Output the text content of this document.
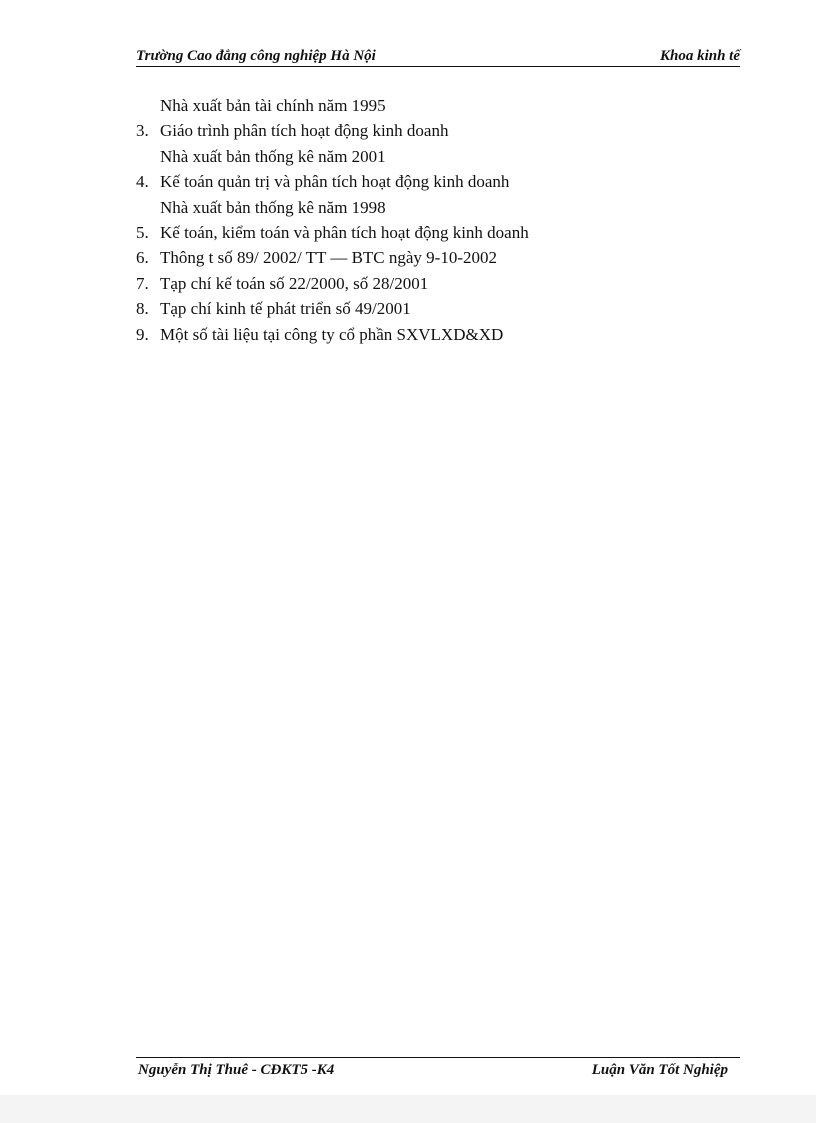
Trường Cao đẳng công nghiệp Hà Nội	Khoa kinh tế
Nhà xuất bản tài chính năm 1995
3. Giáo trình phân tích hoạt động kinh doanh
Nhà xuất bản thống kê năm 2001
4. Kế toán quản trị và phân tích hoạt động kinh doanh
Nhà xuất bản thống kê năm 1998
5. Kế toán, kiểm toán và phân tích hoạt động kinh doanh
6. Thông t số 89/ 2002/ TT — BTC ngày 9-10-2002
7. Tạp chí kế toán số 22/2000, số 28/2001
8. Tạp chí kinh tế phát triển số 49/2001
9. Một số tài liệu tại công ty cổ phần SXVLXD&XD
Nguyễn Thị Thuê - CĐKT5 -K4	Luận Văn Tốt Nghiệp
